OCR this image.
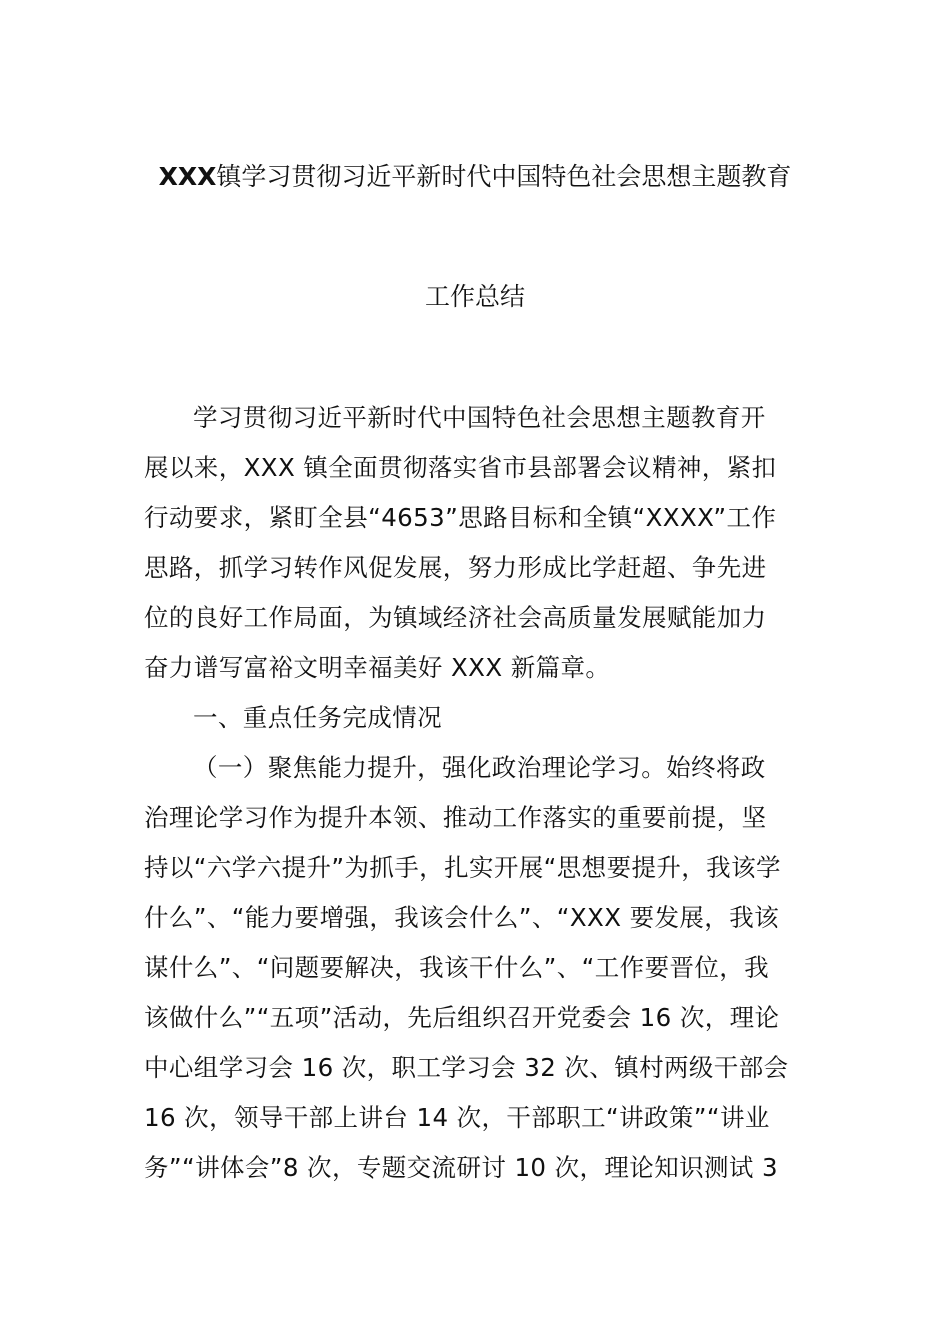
XXX镇学习贯彻习近平新时代中国特色社会思想主题教育
工作总结
学习贯彻习近平新时代中国特色社会思想主题教育开
展以来，XXX 镇全面贯彻落实省市县部署会议精神，紧扣
行动要求，紧盯全县“4653”思路目标和全镇“XXXX”工作
思路，抓学习转作风促发展，努力形成比学赶超、争先进
位的良好工作局面，为镇域经济社会高质量发展赋能加力
奋力谱写富裕文明幸福美好 XXX 新篇章。
一、重点任务完成情况
（一）聚焦能力提升，强化政治理论学习。始终将政
治理论学习作为提升本领、推动工作落实的重要前提，坚
持以“六学六提升”为抓手，扎实开展“思想要提升，我该学
什么”、“能力要增强，我该会什么”、“XXX 要发展，我该
谋什么”、“问题要解决，我该干什么”、“工作要晋位，我
该做什么”“五项”活动，先后组织召开党委会 16 次，理论
中心组学习会 16 次，职工学习会 32 次、镇村两级干部会
16 次，领导干部上讲台 14 次，干部职工“讲政策”“讲业
务”“讲体会”8 次，专题交流研讨 10 次，理论知识测试 3
